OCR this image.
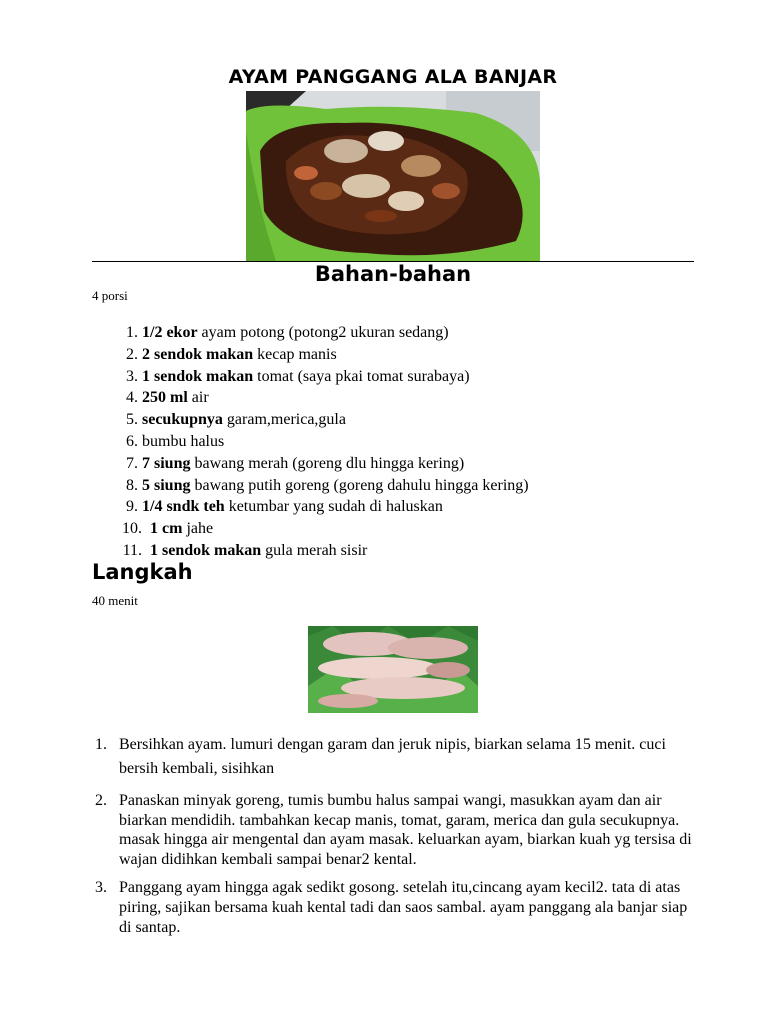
AYAM PANGGANG ALA BANJAR
Bahan-bahan
4 porsi
1. 1/2 ekor ayam potong (potong2 ukuran sedang)
2. 2 sendok makan kecap manis
3. 1 sendok makan tomat (saya pkai tomat surabaya)
4. 250 ml air
5. secukupnya garam,merica,gula
6. bumbu halus
7. 7 siung bawang merah (goreng dlu hingga kering)
8. 5 siung bawang putih goreng (goreng dahulu hingga kering)
9. 1/4 sndk teh ketumbar yang sudah di haluskan
10. 1 cm jahe
11. 1 sendok makan gula merah sisir
Langkah
40 menit
1. Bersihkan ayam. lumuri dengan garam dan jeruk nipis, biarkan selama 15 menit. cuci bersih kembali, sisihkan
2. Panaskan minyak goreng, tumis bumbu halus sampai wangi, masukkan ayam dan air biarkan mendidih. tambahkan kecap manis, tomat, garam, merica dan gula secukupnya. masak hingga air mengental dan ayam masak. keluarkan ayam, biarkan kuah yg tersisa di wajan didihkan kembali sampai benar2 kental.
3. Panggang ayam hingga agak sedikt gosong. setelah itu,cincang ayam kecil2. tata di atas piring, sajikan bersama kuah kental tadi dan saos sambal. ayam panggang ala banjar siap di santap.
